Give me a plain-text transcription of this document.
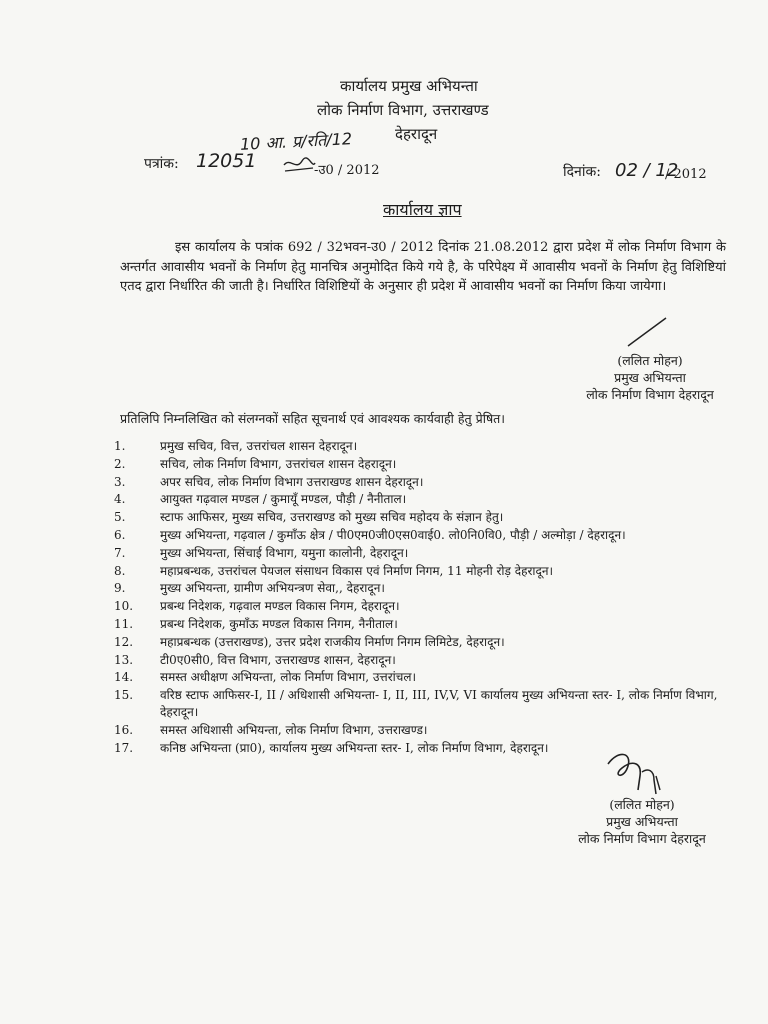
कार्यालय प्रमुख अभियन्ता
लोक निर्माण विभाग, उत्तराखण्ड
देहरादून
10 आ. प्र/रति/12
पत्रांक: 12051	-उ0 / 2012	दिनांक: 02 / 12
/ 2012
कार्यालय ज्ञाप
इस कार्यालय के पत्रांक 692 / 32भवन-उ0 / 2012 दिनांक 21.08.2012 द्वारा प्रदेश में लोक निर्माण विभाग के अन्तर्गत आवासीय भवनों के निर्माण हेतु मानचित्र अनुमोदित किये गये है, के परिपेक्ष्य में आवासीय भवनों के निर्माण हेतु विशिष्टियां एतद द्वारा निर्धारित की जाती है। निर्धारित विशिष्टियों के अनुसार ही प्रदेश में आवासीय भवनों का निर्माण किया जायेगा।
(ललित मोहन)
प्रमुख अभियन्ता
लोक निर्माण विभाग देहरादून
प्रतिलिपि निम्नलिखित को संलग्नकों सहित सूचनार्थ एवं आवश्यक कार्यवाही हेतु प्रेषित।
1.	प्रमुख सचिव, वित्त, उत्तरांचल शासन देहरादून।
2.	सचिव, लोक निर्माण विभाग, उत्तरांचल शासन देहरादून।
3.	अपर सचिव, लोक निर्माण विभाग उत्तराखण्ड शासन देहरादून।
4.	आयुक्त गढ़वाल मण्डल / कुमायूँ मण्डल, पौड़ी / नैनीताल।
5.	स्टाफ आफिसर, मुख्य सचिव, उत्तराखण्ड को मुख्य सचिव महोदय के संज्ञान हेतु।
6.	मुख्य अभियन्ता, गढ़वाल / कुमाँऊ क्षेत्र / पी0एम0जी0एस0वाई0. लो0नि0वि0, पौड़ी / अल्मोड़ा / देहरादून।
7.	मुख्य अभियन्ता, सिंचाई विभाग, यमुना कालोनी, देहरादून।
8.	महाप्रबन्धक, उत्तरांचल पेयजल संसाधन विकास एवं निर्माण निगम, 11 मोहनी रोड़ देहरादून।
9.	मुख्य अभियन्ता, ग्रामीण अभियन्त्रण सेवा,, देहरादून।
10.	प्रबन्ध निदेशक, गढ़वाल मण्डल विकास निगम, देहरादून।
11.	प्रबन्ध निदेशक, कुमाँऊ मण्डल विकास निगम, नैनीताल।
12.	महाप्रबन्धक (उत्तराखण्ड), उत्तर प्रदेश राजकीय निर्माण निगम लिमिटेड, देहरादून।
13.	टी0ए0सी0, वित्त विभाग, उत्तराखण्ड शासन, देहरादून।
14.	समस्त अधीक्षण अभियन्ता, लोक निर्माण विभाग, उत्तरांचल।
15.	वरिष्ठ स्टाफ आफिसर-I, II / अधिशासी अभियन्ता- I, II, III, IV,V, VI कार्यालय मुख्य अभियन्ता स्तर- I, लोक निर्माण विभाग, देहरादून।
16.	समस्त अधिशासी अभियन्ता, लोक निर्माण विभाग, उत्तराखण्ड।
17.	कनिष्ठ अभियन्ता (प्रा0), कार्यालय मुख्य अभियन्ता स्तर- I, लोक निर्माण विभाग, देहरादून।
(ललित मोहन)
प्रमुख अभियन्ता
लोक निर्माण विभाग देहरादून
